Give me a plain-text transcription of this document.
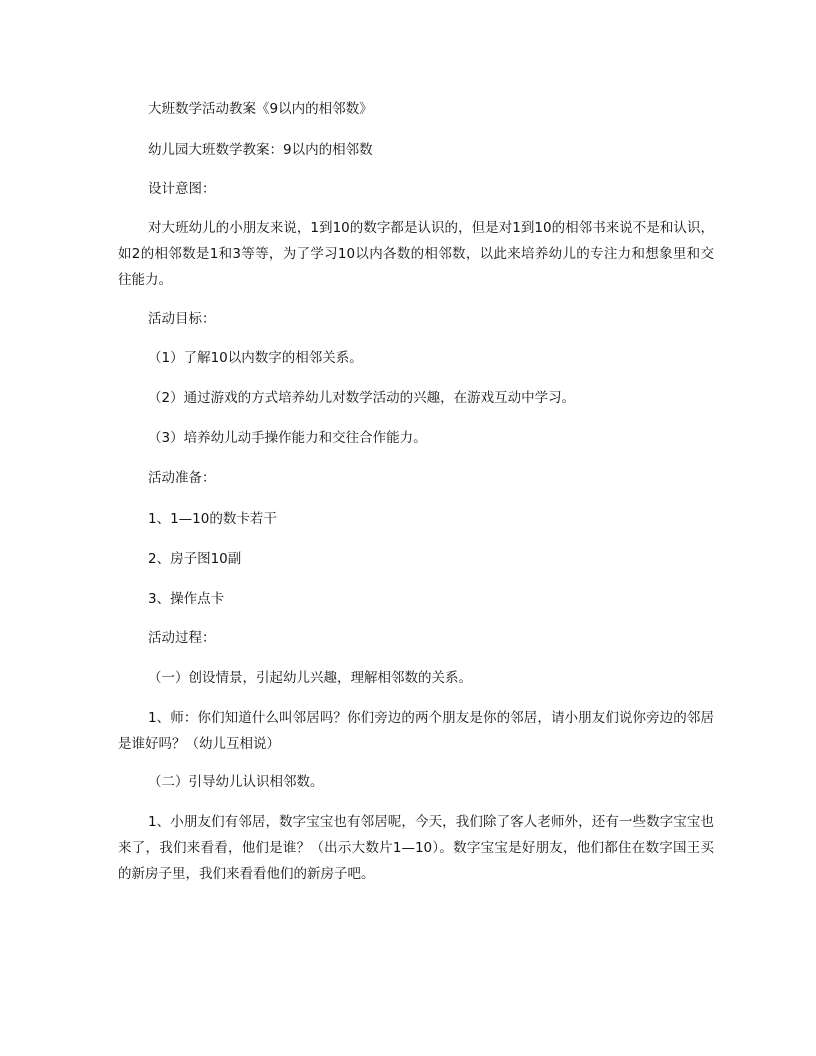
大班数学活动教案《9以内的相邻数》
幼儿园大班数学教案：9以内的相邻数
设计意图：
对大班幼儿的小朋友来说，1到10的数字都是认识的，但是对1到10的相邻书来说不是和认识，如2的相邻数是1和3等等，为了学习10以内各数的相邻数，以此来培养幼儿的专注力和想象里和交往能力。
活动目标：
（1）了解10以内数字的相邻关系。
（2）通过游戏的方式培养幼儿对数学活动的兴趣，在游戏互动中学习。
（3）培养幼儿动手操作能力和交往合作能力。
活动准备：
1、1—10的数卡若干
2、房子图10副
3、操作点卡
活动过程：
（一）创设情景，引起幼儿兴趣，理解相邻数的关系。
1、师：你们知道什么叫邻居吗？你们旁边的两个朋友是你的邻居，请小朋友们说你旁边的邻居是谁好吗？（幼儿互相说）
（二）引导幼儿认识相邻数。
1、小朋友们有邻居，数字宝宝也有邻居呢，今天，我们除了客人老师外，还有一些数字宝宝也来了，我们来看看，他们是谁？（出示大数片1—10）。数字宝宝是好朋友，他们都住在数字国王买的新房子里，我们来看看他们的新房子吧。
